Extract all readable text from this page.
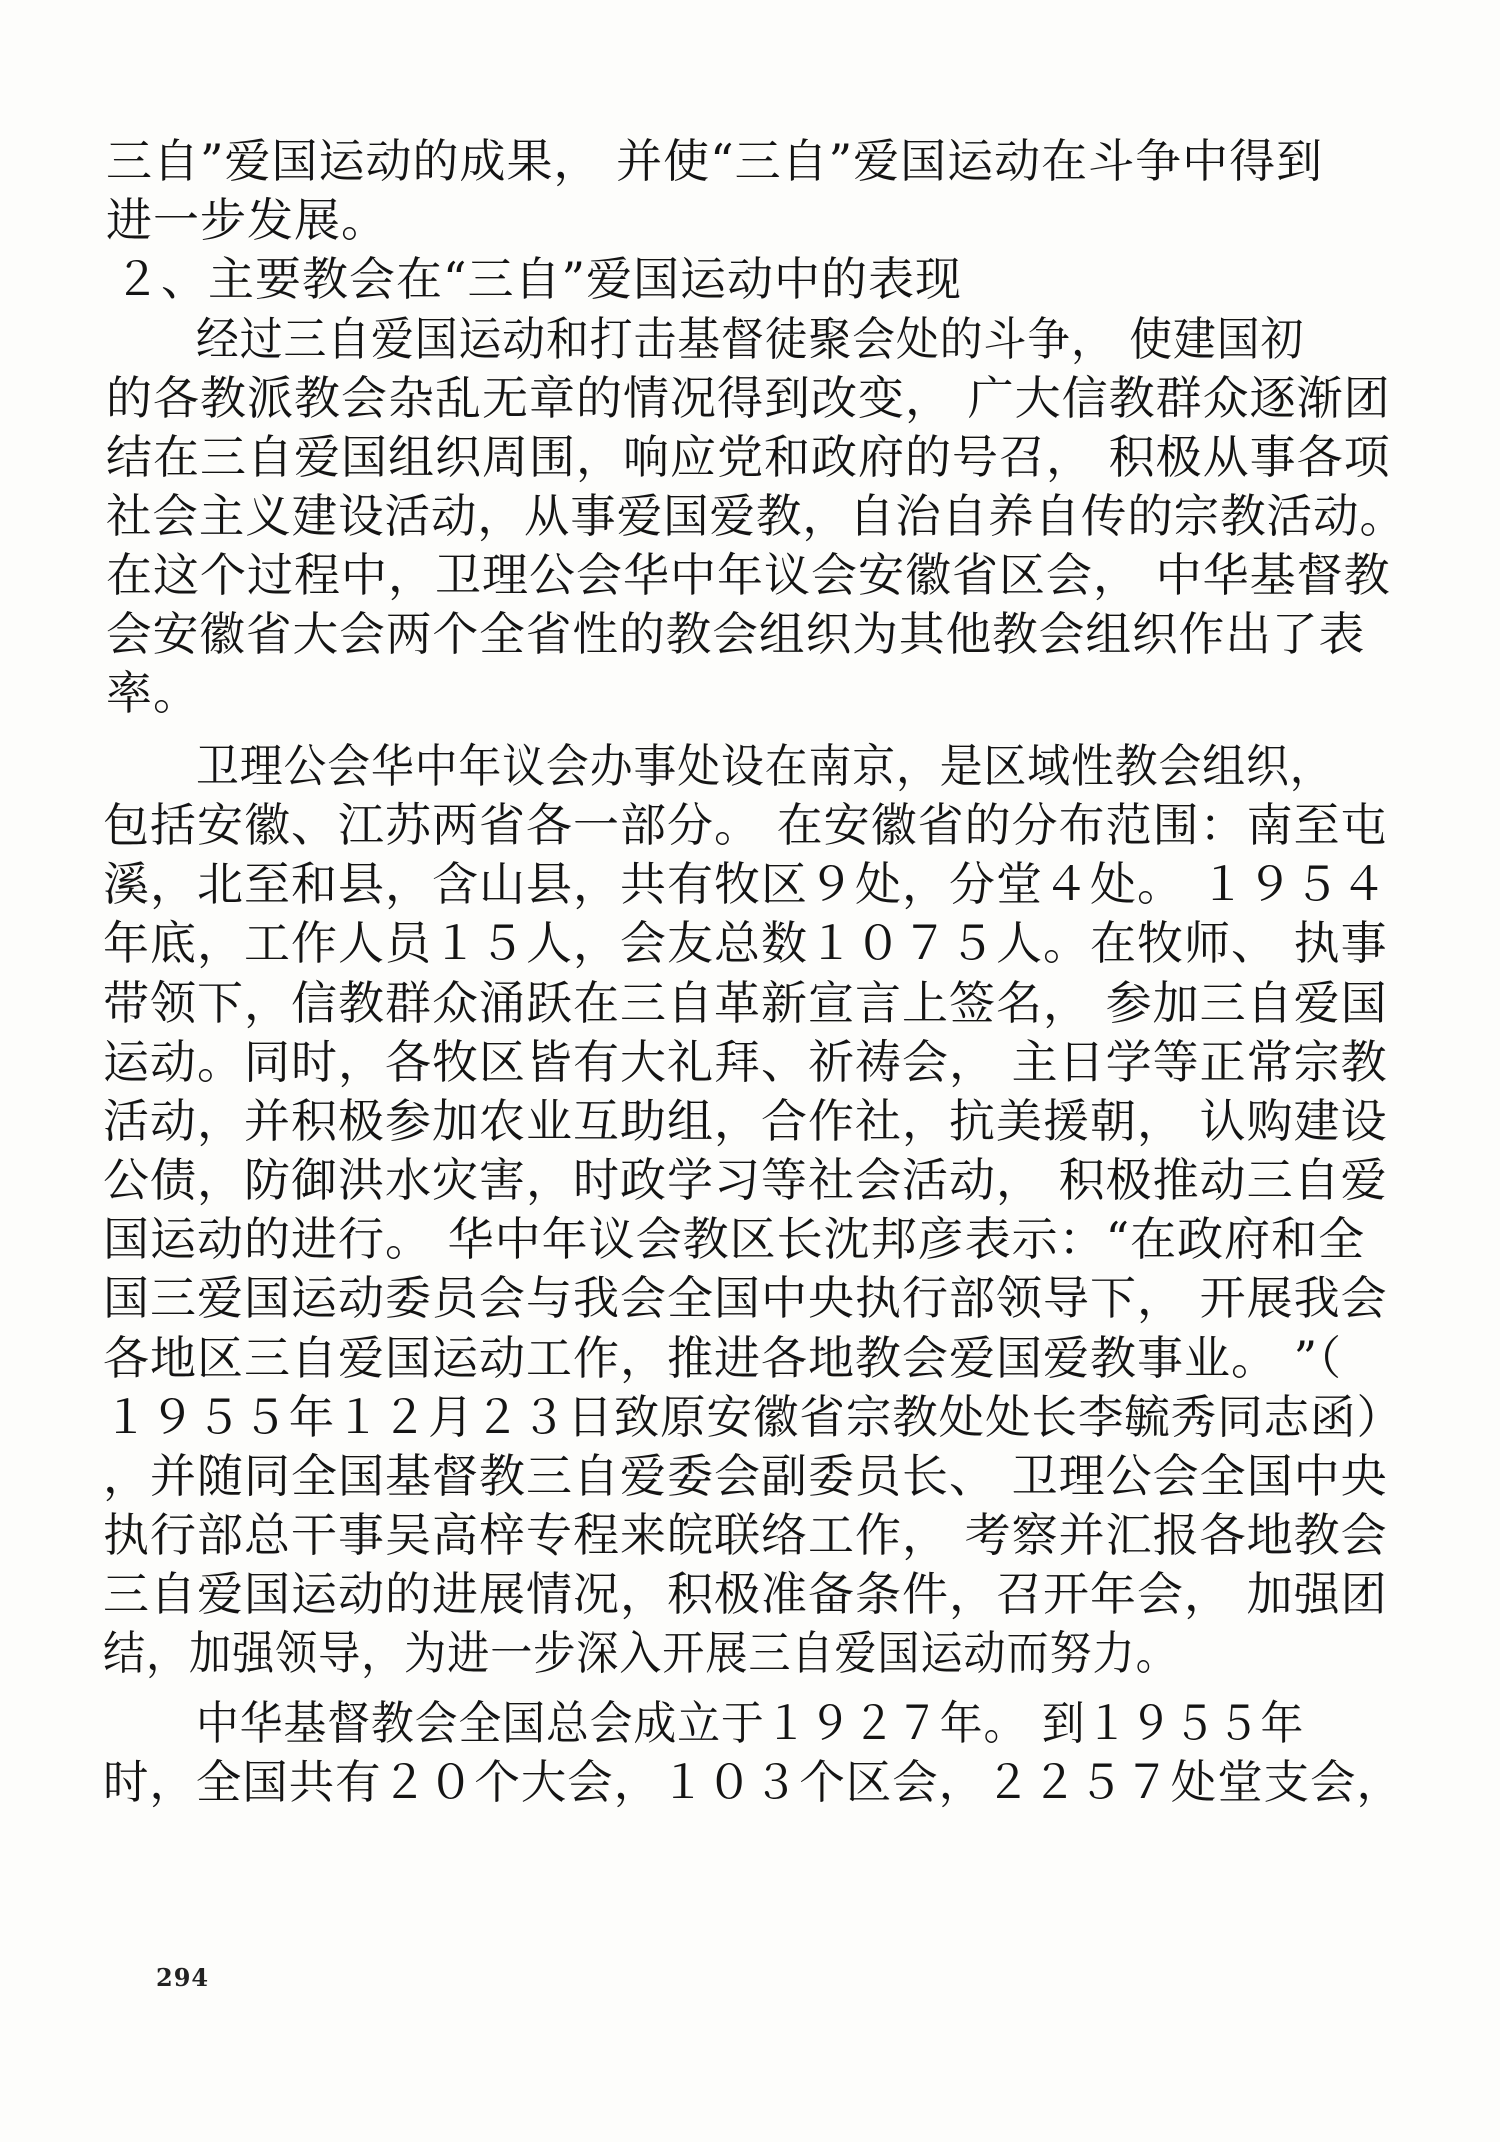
三自”爱国运动的成果， 并使“三自”爱国运动在斗争中得到
进一步发展。
２、主要教会在“三自”爱国运动中的表现
经过三自爱国运动和打击基督徒聚会处的斗争， 使建国初
的各教派教会杂乱无章的情况得到改变， 广大信教群众逐渐团
结在三自爱国组织周围，响应党和政府的号召， 积极从事各项
社会主义建设活动，从事爱国爱教，自治自养自传的宗教活动。
在这个过程中，卫理公会华中年议会安徽省区会， 中华基督教
会安徽省大会两个全省性的教会组织为其他教会组织作出了表
率。
卫理公会华中年议会办事处设在南京，是区域性教会组织，
包括安徽、江苏两省各一部分。 在安徽省的分布范围：南至屯
溪，北至和县，含山县，共有牧区９处，分堂４处。 １９５４
年底，工作人员１５人，会友总数１０７５人。在牧师、 执事
带领下，信教群众涌跃在三自革新宣言上签名， 参加三自爱国
运动。同时，各牧区皆有大礼拜、祈祷会， 主日学等正常宗教
活动，并积极参加农业互助组，合作社，抗美援朝， 认购建设
公债，防御洪水灾害，时政学习等社会活动， 积极推动三自爱
国运动的进行。 华中年议会教区长沈邦彦表示：“在政府和全
国三爱国运动委员会与我会全国中央执行部领导下， 开展我会
各地区三自爱国运动工作，推进各地教会爱国爱教事业。 ”（
１９５５年１２月２３日致原安徽省宗教处处长李毓秀同志函）
，并随同全国基督教三自爱委会副委员长、 卫理公会全国中央
执行部总干事吴高梓专程来皖联络工作， 考察并汇报各地教会
三自爱国运动的进展情况，积极准备条件，召开年会， 加强团
结，加强领导，为进一步深入开展三自爱国运动而努力。
中华基督教会全国总会成立于１９２７年。 到１９５５年
时，全国共有２０个大会，１０３个区会，２２５７处堂支会，
294
